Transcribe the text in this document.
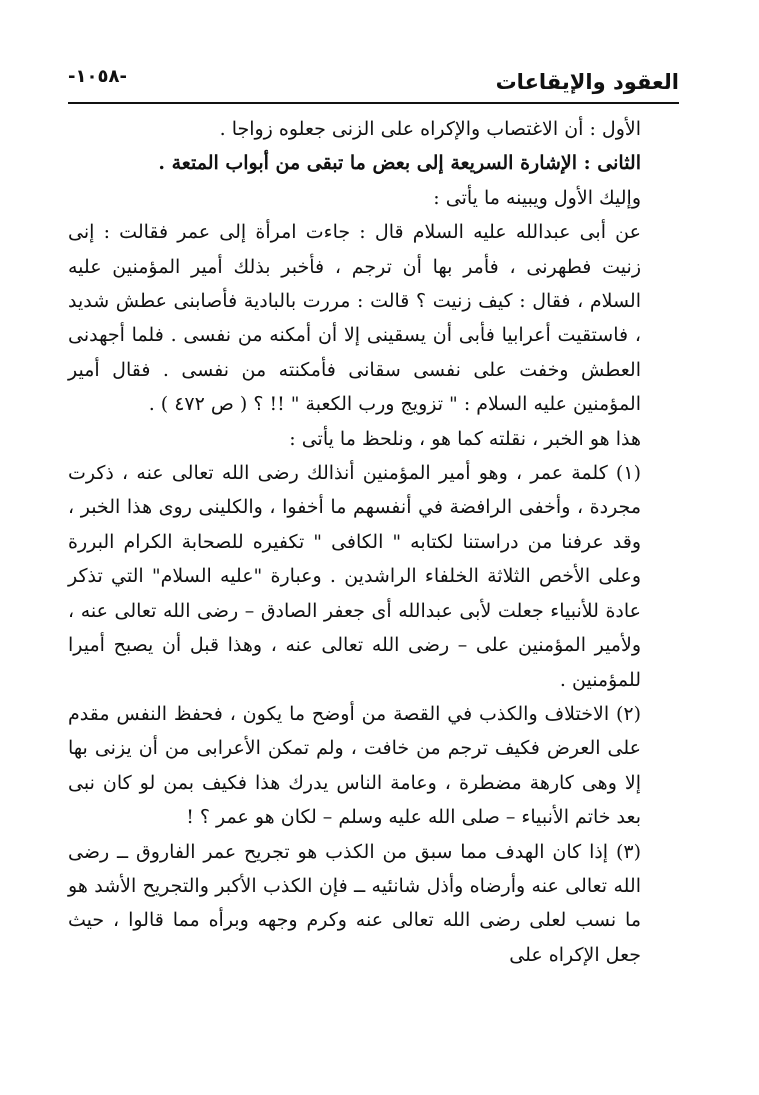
العقود والإيقاعات
-١٠٥٨-

الأول : أن الاغتصاب والإكراه على الزنى جعلوه زواجا .

الثانى : الإشارة السريعة إلى بعض ما تبقى من أبواب المتعة .

وإليك الأول ويبينه ما يأتى :

عن أبى عبدالله عليه السلام قال : جاءت امرأة إلى عمر فقالت : إنى زنيت فطهرنى ، فأمر بها أن ترجم ، فأخبر بذلك أمير المؤمنين عليه السلام ، فقال : كيف زنيت ؟ قالت : مررت بالبادية فأصابنى عطش شديد ، فاستقيت أعرابيا فأبى أن يسقينى إلا أن أمكنه من نفسى . فلما أجهدنى العطش وخفت على نفسى سقانى فأمكنته من نفسى . فقال أمير المؤمنين عليه السلام : " تزويج ورب الكعبة " !! ؟ ( ص ٤٧٢ ) .

هذا هو الخبر ، نقلته كما هو ، ونلحظ ما يأتى :

(١) كلمة عمر ، وهو أمير المؤمنين أنذالك رضى الله تعالى عنه ، ذكرت مجردة ، وأخفى الرافضة في أنفسهم ما أخفوا ، والكلينى روى هذا الخبر ، وقد عرفنا من دراستنا لكتابه " الكافى " تكفيره للصحابة الكرام البررة وعلى الأخص الثلاثة الخلفاء الراشدين . وعبارة "عليه السلام" التي تذكر عادة للأنبياء جعلت لأبى عبدالله أى جعفر الصادق – رضى الله تعالى عنه ، ولأمير المؤمنين على – رضى الله تعالى عنه ، وهذا قبل أن يصبح أميرا للمؤمنين .

(٢) الاختلاف والكذب في القصة من أوضح ما يكون ، فحفظ النفس مقدم على العرض فكيف ترجم من خافت ، ولم تمكن الأعرابى من أن يزنى بها إلا وهى كارهة مضطرة ، وعامة الناس يدرك هذا فكيف بمن لو كان نبى بعد خاتم الأنبياء – صلى الله عليه وسلم – لكان هو عمر ؟ !

(٣) إذا كان الهدف مما سبق من الكذب هو تجريح عمر الفاروق ــ رضى الله تعالى عنه وأرضاه وأذل شانئيه ــ فإن الكذب الأكبر والتجريح الأشد هو ما نسب لعلى رضى الله تعالى عنه وكرم وجهه وبرأه مما قالوا ، حيث جعل الإكراه على
